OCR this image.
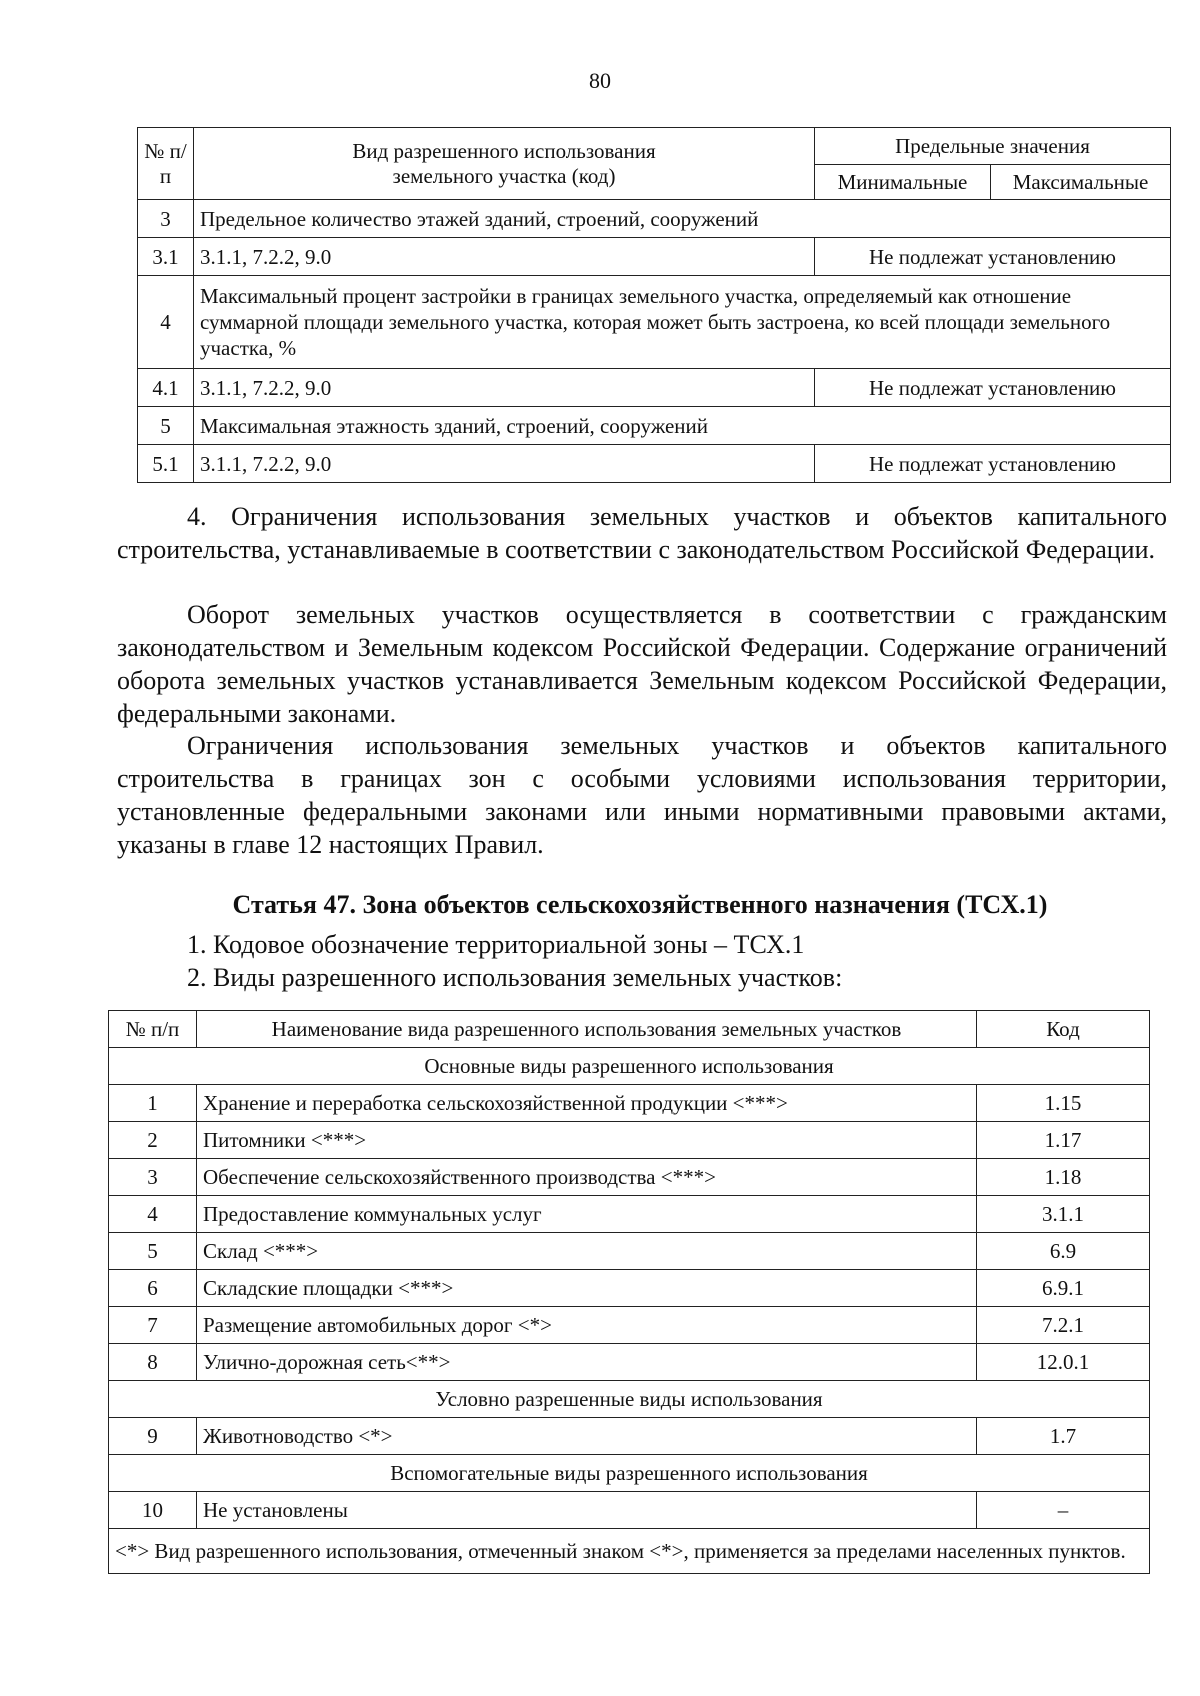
80
№ п/п	Вид разрешенного использования земельного участка (код)	Предельные значения	
		Минимальные	Максимальные
3	Предельное количество этажей зданий, строений, сооружений		
3.1	3.1.1, 7.2.2, 9.0	Не подлежат установлению	
4	Максимальный процент застройки в границах земельного участка, определяемый как отношение суммарной площади земельного участка, которая может быть застроена, ко всей площади земельного участка, %		
4.1	3.1.1, 7.2.2, 9.0	Не подлежат установлению	
5	Максимальная этажность зданий, строений, сооружений		
5.1	3.1.1, 7.2.2, 9.0	Не подлежат установлению	
4. Ограничения использования земельных участков и объектов капитального строительства, устанавливаемые в соответствии с законодательством Российской Федерации.
Оборот земельных участков осуществляется в соответствии с гражданским законодательством и Земельным кодексом Российской Федерации. Содержание ограничений оборота земельных участков устанавливается Земельным кодексом Российской Федерации, федеральными законами.
Ограничения использования земельных участков и объектов капитального строительства в границах зон с особыми условиями использования территории, установленные федеральными законами или иными нормативными правовыми актами, указаны в главе 12 настоящих Правил.
Статья 47. Зона объектов сельскохозяйственного назначения (ТСХ.1)
1. Кодовое обозначение территориальной зоны – ТСХ.1
2. Виды разрешенного использования земельных участков:
№ п/п	Наименование вида разрешенного использования земельных участков	Код
Основные виды разрешенного использования		
1	Хранение и переработка сельскохозяйственной продукции <***>	1.15
2	Питомники <***>	1.17
3	Обеспечение сельскохозяйственного производства <***>	1.18
4	Предоставление коммунальных услуг	3.1.1
5	Склад <***>	6.9
6	Складские площадки <***>	6.9.1
7	Размещение автомобильных дорог <*>	7.2.1
8	Улично-дорожная сеть<**>	12.0.1
Условно разрешенные виды использования		
9	Животноводство <*>	1.7
Вспомогательные виды разрешенного использования		
10	Не установлены	–
<*> Вид разрешенного использования, отмеченный знаком <*>, применяется за пределами населенных пунктов.		
